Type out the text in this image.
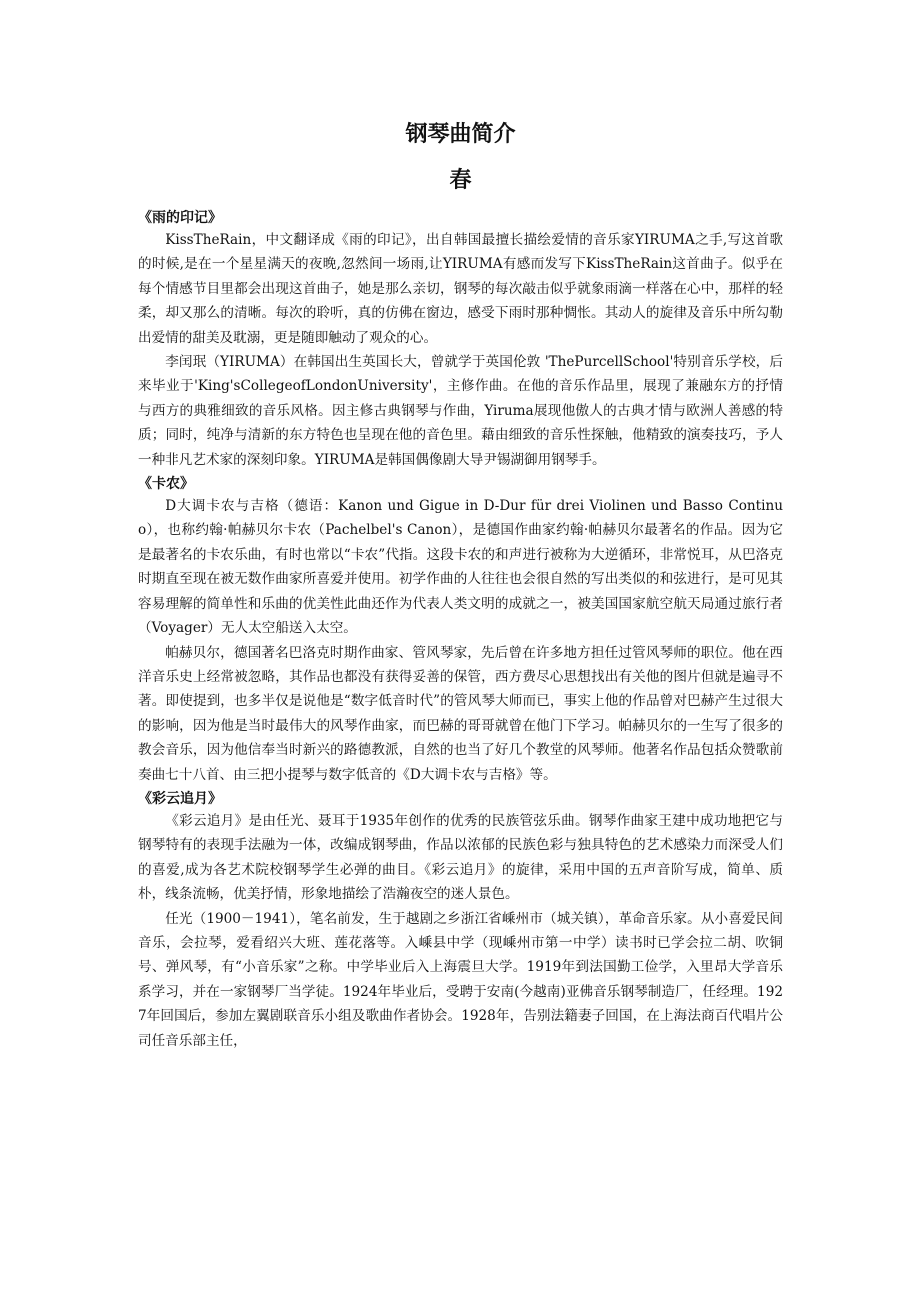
钢琴曲简介
春
《雨的印记》

KissTheRain，中文翻译成《雨的印记》，出自韩国最擅长描绘爱情的音乐家YIRUMA之手,写这首歌的时候,是在一个星星满天的夜晚,忽然间一场雨,让YIRUMA有感而发写下KissTheRain这首曲子。似乎在每个情感节目里都会出现这首曲子，她是那么亲切，钢琴的每次敲击似乎就象雨滴一样落在心中，那样的轻柔，却又那么的清晰。每次的聆听，真的仿佛在窗边，感受下雨时那种惆怅。其动人的旋律及音乐中所勾勒出爱情的甜美及耽溺，更是随即触动了观众的心。

李闰珉（YIRUMA）在韩国出生英国长大，曾就学于英国伦敦 'ThePurcellSchool'特别音乐学校，后来毕业于'King'sCollegeofLondonUniversity'，主修作曲。在他的音乐作品里，展现了兼融东方的抒情与西方的典雅细致的音乐风格。因主修古典钢琴与作曲，Yiruma展现他傲人的古典才情与欧洲人善感的特质；同时，纯净与清新的东方特色也呈现在他的音色里。藉由细致的音乐性探触，他精致的演奏技巧，予人一种非凡艺术家的深刻印象。YIRUMA是韩国偶像剧大导尹锡湖御用钢琴手。

《卡农》

D大调卡农与吉格（德语：Kanon und Gigue in D-Dur für drei Violinen und Basso Continuo），也称约翰·帕赫贝尔卡农（Pachelbel's Canon），是德国作曲家约翰·帕赫贝尔最著名的作品。因为它是最著名的卡农乐曲，有时也常以“卡农”代指。这段卡农的和声进行被称为大逆循环，非常悦耳，从巴洛克时期直至现在被无数作曲家所喜爱并使用。初学作曲的人往往也会很自然的写出类似的和弦进行，是可见其容易理解的简单性和乐曲的优美性此曲还作为代表人类文明的成就之一，被美国国家航空航天局通过旅行者（Voyager）无人太空船送入太空。

帕赫贝尔，德国著名巴洛克时期作曲家、管风琴家，先后曾在许多地方担任过管风琴师的职位。他在西洋音乐史上经常被忽略，其作品也都没有获得妥善的保管，西方费尽心思想找出有关他的图片但就是遍寻不著。即使提到，也多半仅是说他是“数字低音时代”的管风琴大师而已，事实上他的作品曾对巴赫产生过很大的影响，因为他是当时最伟大的风琴作曲家，而巴赫的哥哥就曾在他门下学习。帕赫贝尔的一生写了很多的教会音乐，因为他信奉当时新兴的路德教派，自然的也当了好几个教堂的风琴师。他著名作品包括众赞歌前奏曲七十八首、由三把小提琴与数字低音的《D大调卡农与吉格》等。

《彩云追月》

《彩云追月》是由任光、聂耳于1935年创作的优秀的民族管弦乐曲。钢琴作曲家王建中成功地把它与钢琴特有的表现手法融为一体，改编成钢琴曲，作品以浓郁的民族色彩与独具特色的艺术感染力而深受人们的喜爱,成为各艺术院校钢琴学生必弹的曲目。《彩云追月》的旋律，采用中国的五声音阶写成，简单、质朴，线条流畅，优美抒情，形象地描绘了浩瀚夜空的迷人景色。

任光（1900－1941），笔名前发，生于越剧之乡浙江省嵊州市（城关镇），革命音乐家。从小喜爱民间音乐，会拉琴，爱看绍兴大班、莲花落等。入嵊县中学（现嵊州市第一中学）读书时已学会拉二胡、吹铜号、弹风琴，有“小音乐家”之称。中学毕业后入上海震旦大学。1919年到法国勤工俭学，入里昂大学音乐系学习，并在一家钢琴厂当学徒。1924年毕业后，受聘于安南(今越南)亚佛音乐钢琴制造厂，任经理。1927年回国后，参加左翼剧联音乐小组及歌曲作者协会。1928年，告别法籍妻子回国，在上海法商百代唱片公司任音乐部主任，
